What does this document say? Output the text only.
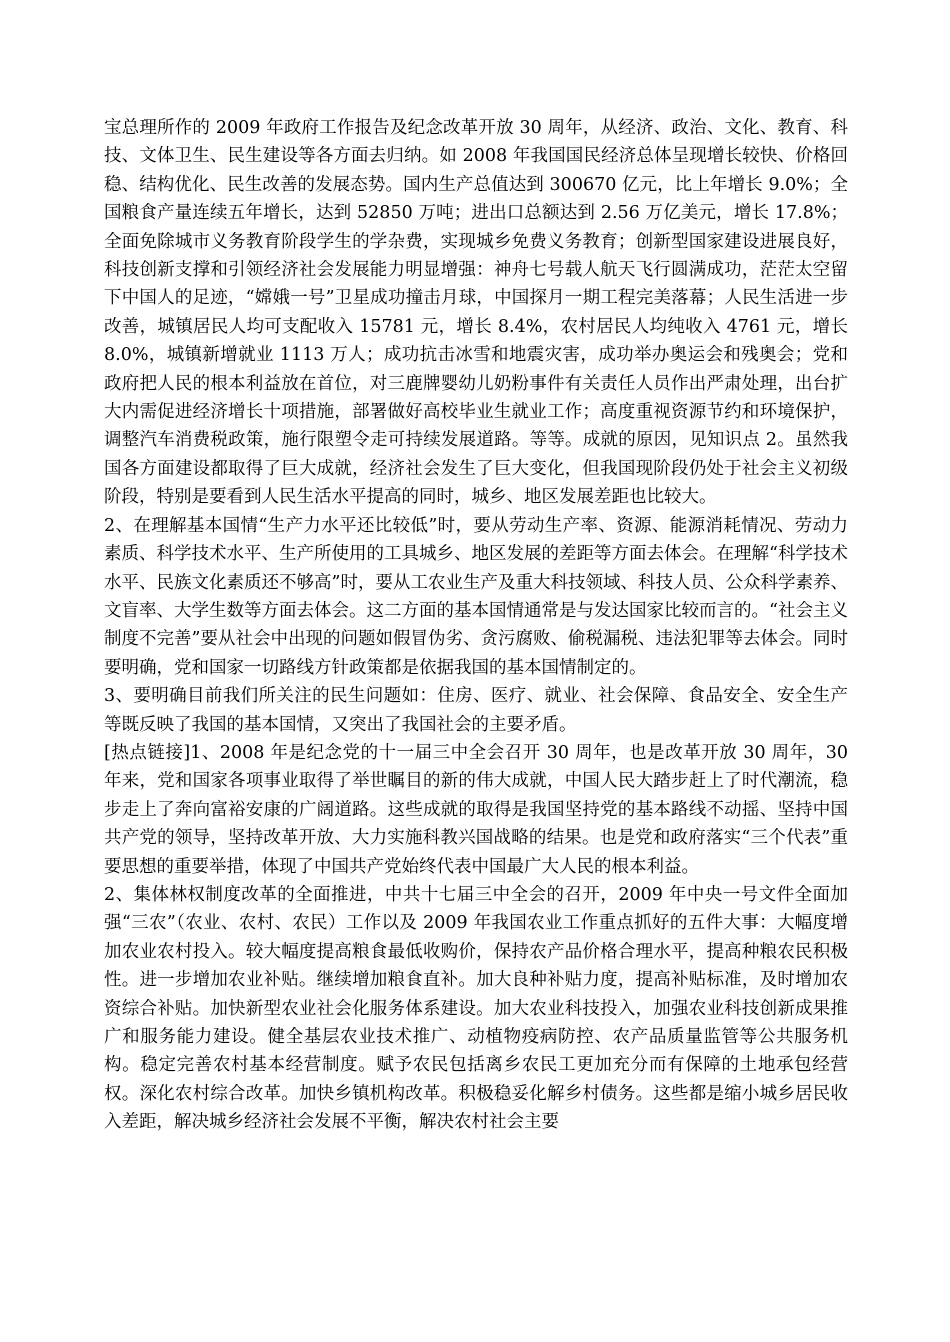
宝总理所作的 2009 年政府工作报告及纪念改革开放 30 周年，从经济、政治、文化、教育、科技、文体卫生、民生建设等各方面去归纳。如 2008 年我国国民经济总体呈现增长较快、价格回稳、结构优化、民生改善的发展态势。国内生产总值达到 300670 亿元，比上年增长 9.0%；全国粮食产量连续五年增长，达到 52850 万吨；进出口总额达到 2.56 万亿美元，增长 17.8%；全面免除城市义务教育阶段学生的学杂费，实现城乡免费义务教育；创新型国家建设进展良好，科技创新支撑和引领经济社会发展能力明显增强：神舟七号载人航天飞行圆满成功，茫茫太空留下中国人的足迹，“嫦娥一号”卫星成功撞击月球，中国探月一期工程完美落幕；人民生活进一步改善，城镇居民人均可支配收入 15781 元，增长 8.4%，农村居民人均纯收入 4761 元，增长 8.0%，城镇新增就业 1113 万人；成功抗击冰雪和地震灾害，成功举办奥运会和残奥会；党和政府把人民的根本利益放在首位，对三鹿牌婴幼儿奶粉事件有关责任人员作出严肃处理，出台扩大内需促进经济增长十项措施，部署做好高校毕业生就业工作；高度重视资源节约和环境保护，调整汽车消费税政策，施行限塑令走可持续发展道路。等等。成就的原因，见知识点 2。虽然我国各方面建设都取得了巨大成就，经济社会发生了巨大变化，但我国现阶段仍处于社会主义初级阶段，特别是要看到人民生活水平提高的同时，城乡、地区发展差距也比较大。

2、在理解基本国情“生产力水平还比较低”时，要从劳动生产率、资源、能源消耗情况、劳动力素质、科学技术水平、生产所使用的工具城乡、地区发展的差距等方面去体会。在理解“科学技术水平、民族文化素质还不够高”时，要从工农业生产及重大科技领域、科技人员、公众科学素养、文盲率、大学生数等方面去体会。这二方面的基本国情通常是与发达国家比较而言的。“社会主义制度不完善”要从社会中出现的问题如假冒伪劣、贪污腐败、偷税漏税、违法犯罪等去体会。同时要明确，党和国家一切路线方针政策都是依据我国的基本国情制定的。

3、要明确目前我们所关注的民生问题如：住房、医疗、就业、社会保障、食品安全、安全生产等既反映了我国的基本国情，又突出了我国社会的主要矛盾。

[热点链接]1、2008 年是纪念党的十一届三中全会召开 30 周年，也是改革开放 30 周年，30 年来，党和国家各项事业取得了举世瞩目的新的伟大成就，中国人民大踏步赶上了时代潮流，稳步走上了奔向富裕安康的广阔道路。这些成就的取得是我国坚持党的基本路线不动摇、坚持中国共产党的领导，坚持改革开放、大力实施科教兴国战略的结果。也是党和政府落实“三个代表”重要思想的重要举措，体现了中国共产党始终代表中国最广大人民的根本利益。

2、集体林权制度改革的全面推进，中共十七届三中全会的召开，2009 年中央一号文件全面加强“三农”（农业、农村、农民）工作以及 2009 年我国农业工作重点抓好的五件大事：大幅度增加农业农村投入。较大幅度提高粮食最低收购价，保持农产品价格合理水平，提高种粮农民积极性。进一步增加农业补贴。继续增加粮食直补。加大良种补贴力度，提高补贴标准，及时增加农资综合补贴。加快新型农业社会化服务体系建设。加大农业科技投入，加强农业科技创新成果推广和服务能力建设。健全基层农业技术推广、动植物疫病防控、农产品质量监管等公共服务机构。稳定完善农村基本经营制度。赋予农民包括离乡农民工更加充分而有保障的土地承包经营权。深化农村综合改革。加快乡镇机构改革。积极稳妥化解乡村债务。这些都是缩小城乡居民收入差距，解决城乡经济社会发展不平衡，解决农村社会主要
